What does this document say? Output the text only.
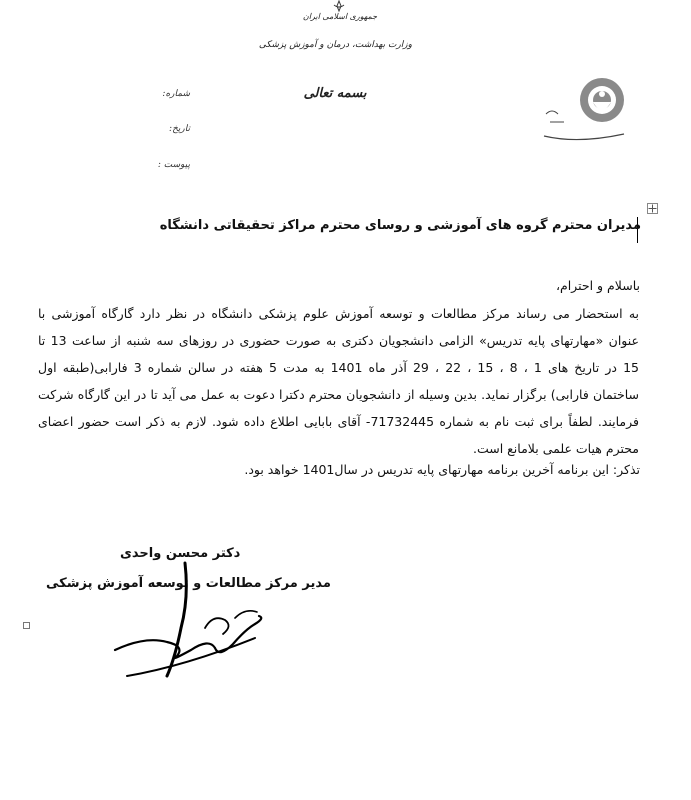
جمهوری اسلامی ایران
وزارت بهداشت، درمان و آموزش پزشکی
بسمه تعالی
شماره:
تاریخ:
پیوست :
مدیران محترم گروه های آموزشی و روسای محترم مراکز تحقیقاتی دانشگاه
باسلام و احترام،
به استحضار می رساند مرکز مطالعات و توسعه آموزش علوم پزشکی دانشگاه در نظر دارد گارگاه آموزشی با
عنوان «مهارتهای پایه تدریس» الزامی دانشجویان دکتری به صورت حضوری در روزهای سه شنبه از ساعت 13 تا
15 در تاریخ های 1 ، 8 ، 15 ، 22 ، 29 آذر ماه 1401 به مدت 5 هفته در سالن شماره 3 فارابی(طبقه اول
ساختمان فارابی) برگزار نماید. بدین وسیله از دانشجویان محترم دکترا دعوت به عمل می آید تا در این گارگاه شرکت
فرمایند. لطفاً برای ثبت نام به شماره 71732445- آقای بابایی اطلاع داده شود. لازم به ذکر است حضور اعضای
محترم هیات علمی بلامانع است.
تذکر: این برنامه آخرین برنامه مهارتهای پایه تدریس در سال1401 خواهد بود.
دکتر محسن واحدی
مدیر مرکز مطالعات و توسعه آموزش پزشکی
